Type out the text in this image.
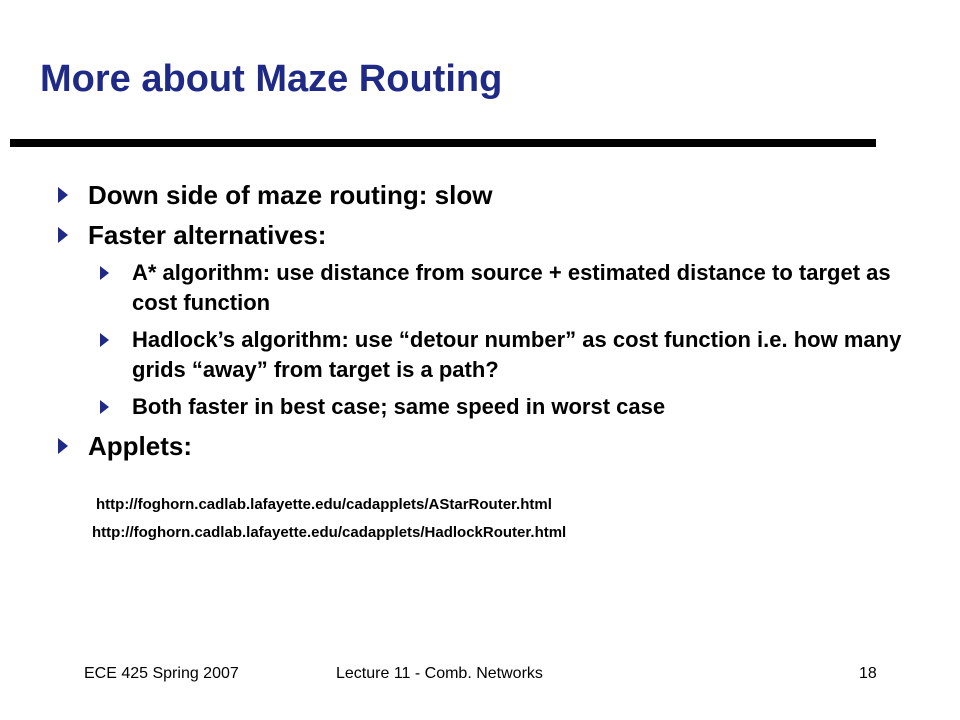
More about Maze Routing
Down side of maze routing: slow
Faster alternatives:
A* algorithm: use distance from source + estimated distance to target as cost function
Hadlock’s algorithm: use “detour number” as cost function i.e. how many grids “away” from target is a path?
Both faster in best case; same speed in worst case
Applets:
http://foghorn.cadlab.lafayette.edu/cadapplets/AStarRouter.html
http://foghorn.cadlab.lafayette.edu/cadapplets/HadlockRouter.html
ECE 425 Spring 2007	Lecture 11 - Comb. Networks	18
